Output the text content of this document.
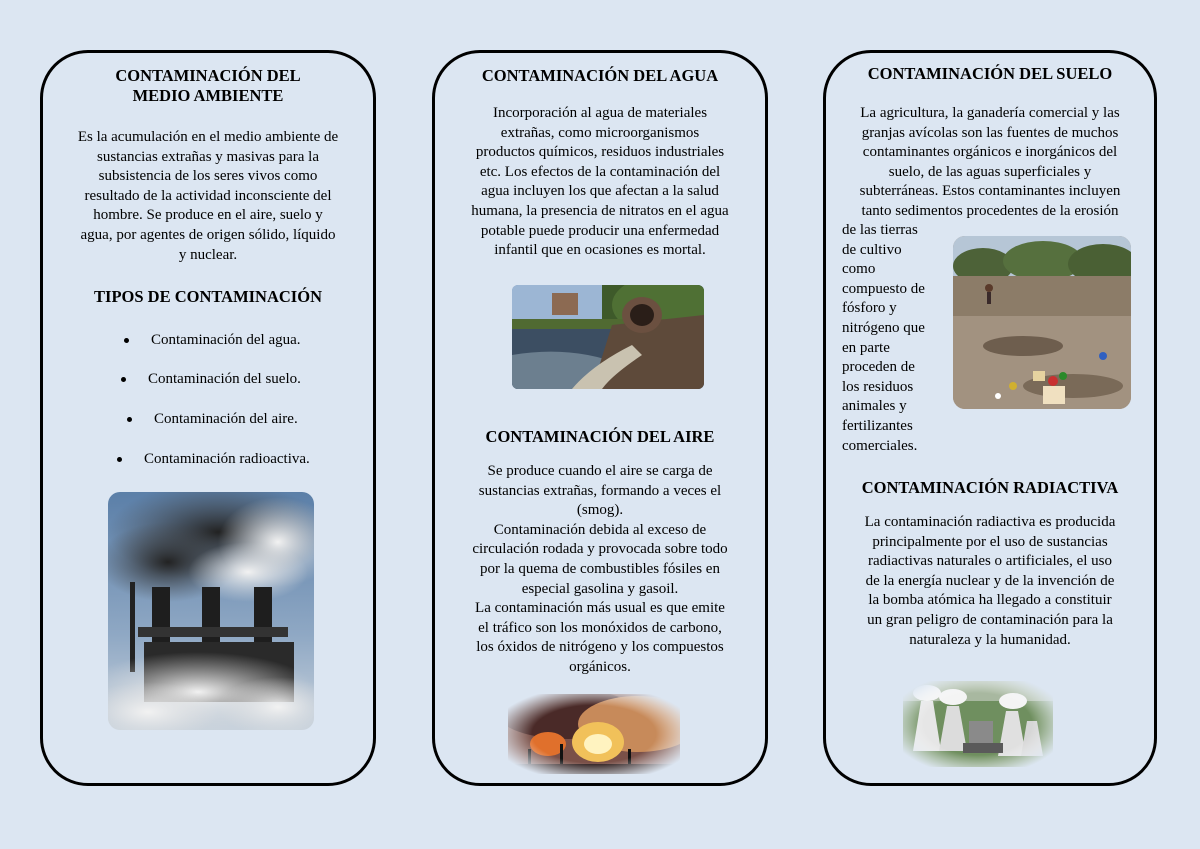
CONTAMINACIÓN DEL
MEDIO AMBIENTE
Es la acumulación en el medio ambiente de
sustancias extrañas y masivas para la
subsistencia de los seres vivos como
resultado de la actividad inconsciente del
hombre. Se produce en el aire, suelo y
agua, por agentes de origen sólido, líquido
y nuclear.
TIPOS DE CONTAMINACIÓN
Contaminación del agua.
Contaminación del suelo.
Contaminación del aire.
Contaminación radioactiva.
CONTAMINACIÓN DEL AGUA
Incorporación al agua de materiales
extrañas, como microorganismos
productos químicos, residuos industriales
etc. Los efectos de la contaminación del
agua incluyen los que afectan a la salud
humana, la presencia de nitratos en el agua
potable puede producir una enfermedad
infantil que en ocasiones es mortal.
CONTAMINACIÓN DEL AIRE
Se produce cuando el aire se carga de
sustancias extrañas, formando a veces el
(smog).
Contaminación debida al exceso de
circulación rodada y provocada sobre todo
por la quema de combustibles fósiles en
especial gasolina y gasoil.
La contaminación más usual es que emite
el tráfico son los monóxidos de carbono,
los óxidos de nitrógeno y los compuestos
orgánicos.
CONTAMINACIÓN DEL SUELO
La agricultura, la ganadería comercial y las
granjas avícolas son las fuentes de muchos
contaminantes orgánicos e inorgánicos del
suelo, de las aguas superficiales y
subterráneas. Estos contaminantes incluyen
tanto sedimentos procedentes de la erosión
de las tierras
de cultivo
como
compuesto de
fósforo y
nitrógeno que
en parte
proceden de
los residuos
animales y
fertilizantes
comerciales.
CONTAMINACIÓN RADIACTIVA
La contaminación radiactiva es producida
principalmente por el uso de sustancias
radiactivas naturales o artificiales, el uso
de la energía nuclear y de la invención de
la bomba atómica ha llegado a constituir
un gran peligro de contaminación para la
naturaleza y la humanidad.
